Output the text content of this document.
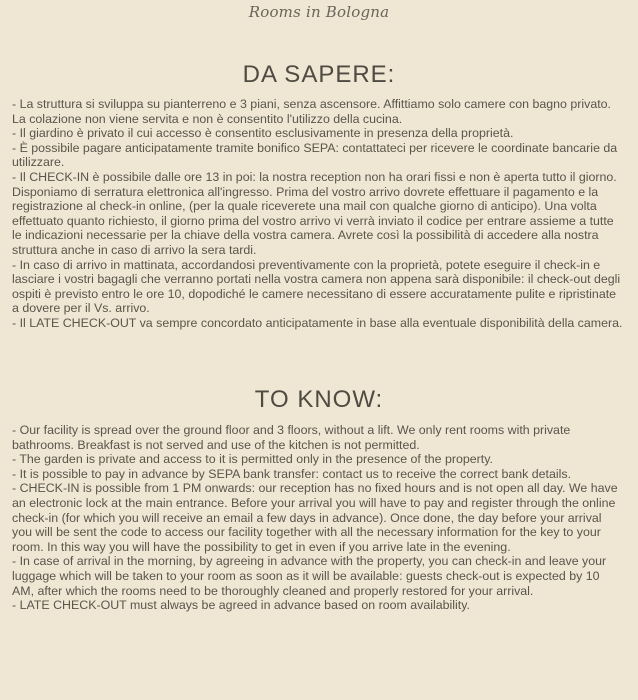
Rooms in Bologna
DA SAPERE:

- La struttura si sviluppa su pianterreno e 3 piani, senza ascensore. Affittiamo solo camere con bagno privato. La colazione non viene servita e non è consentito l'utilizzo della cucina.

- Il giardino è privato il cui accesso è consentito esclusivamente in presenza della proprietà.

- È possibile pagare anticipatamente tramite bonifico SEPA: contattateci per ricevere le coordinate bancarie da utilizzare.

- Il CHECK-IN è possibile dalle ore 13 in poi: la nostra reception non ha orari fissi e non è aperta tutto il giorno. Disponiamo di serratura elettronica all'ingresso. Prima del vostro arrivo dovrete effettuare il pagamento e la registrazione al check-in online, (per la quale riceverete una mail con qualche giorno di anticipo). Una volta effettuato quanto richiesto, il giorno prima del vostro arrivo vi verrà inviato il codice per entrare assieme a tutte le indicazioni necessarie per la chiave della vostra camera. Avrete così la possibilità di accedere alla nostra struttura anche in caso di arrivo la sera tardi.

- In caso di arrivo in mattinata, accordandosi preventivamente con la proprietà, potete eseguire il check-in e lasciare i vostri bagagli che verranno portati nella vostra camera non appena sarà disponibile: il check-out degli ospiti è previsto entro le ore 10, dopodiché le camere necessitano di essere accuratamente pulite e ripristinate a dovere per il Vs. arrivo.

- Il LATE CHECK-OUT va sempre concordato anticipatamente in base alla eventuale disponibilità della camera.

TO KNOW:

- Our facility is spread over the ground floor and 3 floors, without a lift. We only rent rooms with private bathrooms. Breakfast is not served and use of the kitchen is not permitted.

- The garden is private and access to it is permitted only in the presence of the property.

- It is possible to pay in advance by SEPA bank transfer: contact us to receive the correct bank details.

- CHECK-IN is possible from 1 PM onwards: our reception has no fixed hours and is not open all day. We have an electronic lock at the main entrance. Before your arrival you will have to pay and register through the online check-in (for which you will receive an email a few days in advance). Once done, the day before your arrival you will be sent the code to access our facility together with all the necessary information for the key to your room. In this way you will have the possibility to get in even if you arrive late in the evening.

- In case of arrival in the morning, by agreeing in advance with the property, you can check-in and leave your luggage which will be taken to your room as soon as it will be available: guests check-out is expected by 10 AM, after which the rooms need to be thoroughly cleaned and properly restored for your arrival.

- LATE CHECK-OUT must always be agreed in advance based on room availability.
